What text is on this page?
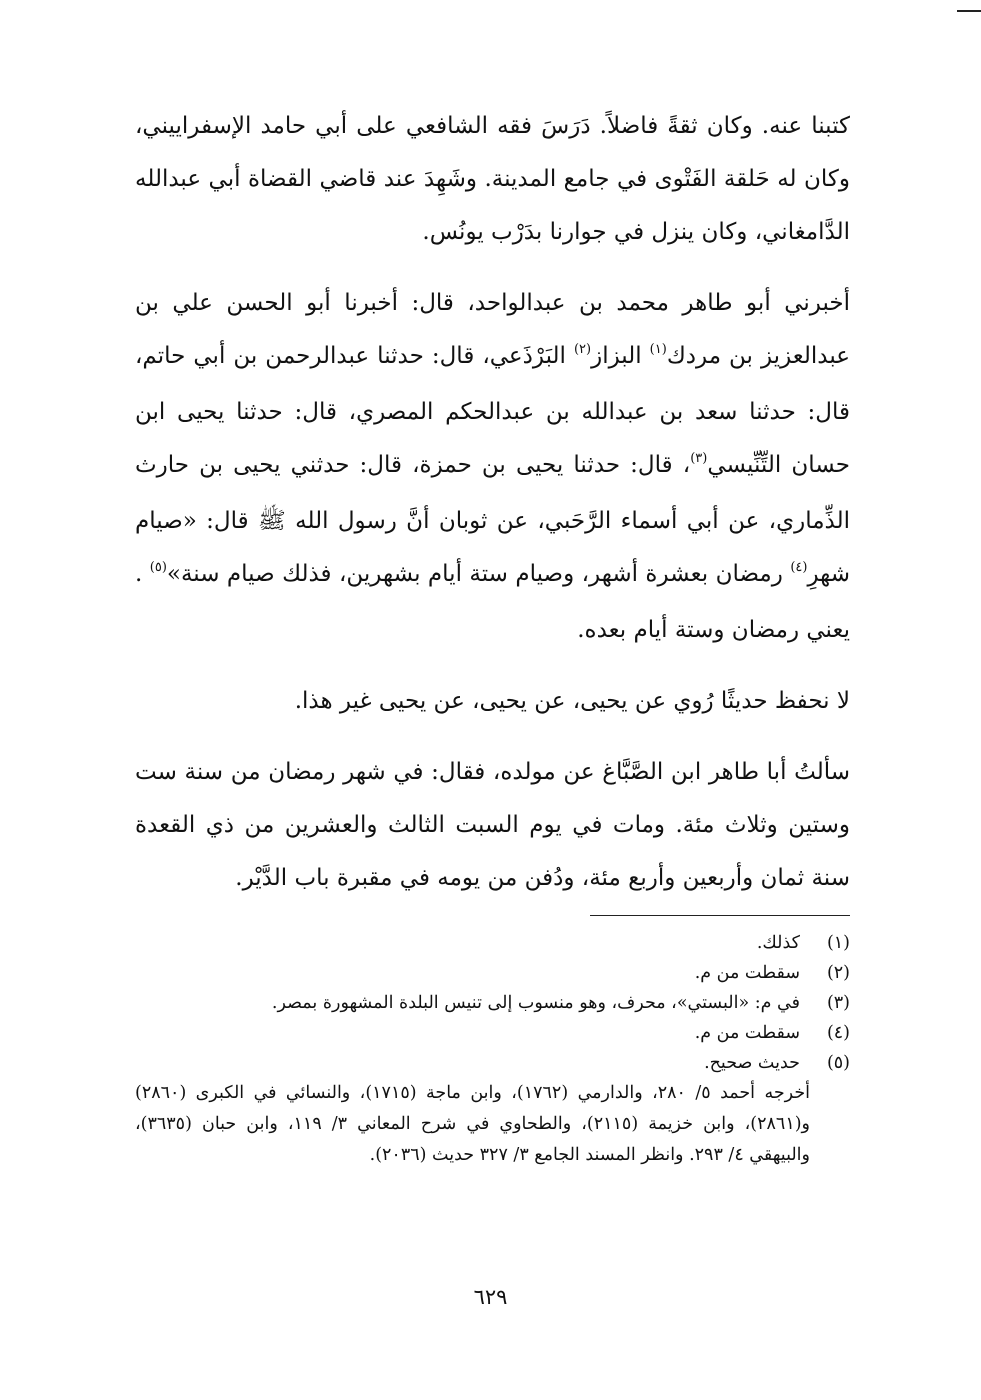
كتبنا عنه. وكان ثقةً فاضلاً. دَرَسَ فقه الشافعي على أبي حامد الإسفراييني، وكان له حَلقة الفَتْوى في جامع المدينة. وشَهِدَ عند قاضي القضاة أبي عبدالله الدَّامغاني، وكان ينزل في جوارنا بدَرْب يونُس.

أخبرني أبو طاهر محمد بن عبدالواحد، قال: أخبرنا أبو الحسن علي بن عبدالعزيز بن مردك$^{(١)}$ البزاز$^{(٢)}$ البَرْذَعي، قال: حدثنا عبدالرحمن بن أبي حاتم، قال: حدثنا سعد بن عبدالله بن عبدالحكم المصري، قال: حدثنا يحيى ابن حسان التِّنِّيسي$^{(٣)}$، قال: حدثنا يحيى بن حمزة، قال: حدثني يحيى بن حارث الذِّماري، عن أبي أسماء الرَّحَبي، عن ثوبان أنَّ رسول الله ﷺ قال: «صيام شهرِ$^{(٤)}$ رمضان بعشرة أشهر، وصيام ستة أيام بشهرين، فذلك صيام سنة»$^{(٥)}$ . يعني رمضان وستة أيام بعده.

لا نحفظ حديثًا رُوي عن يحيى، عن يحيى، عن يحيى غير هذا.

سألتُ أبا طاهر ابن الصَّبَّاغ عن مولده، فقال: في شهر رمضان من سنة ست وستين وثلاث مئة. ومات في يوم السبت الثالث والعشرين من ذي القعدة سنة ثمان وأربعين وأربع مئة، ودُفن من يومه في مقبرة باب الدَّيْر.

(١)
كذلك.
(٢)
سقطت من م.
(٣)
في م: «البستي»، محرف، وهو منسوب إلى تنيس البلدة المشهورة بمصر.
(٤)
سقطت من م.
(٥)
حديث صحيح.

أخرجه أحمد ٥/ ٢٨٠، والدارمي (١٧٦٢)، وابن ماجة (١٧١٥)، والنسائي في الكبرى (٢٨٦٠) و(٢٨٦١)، وابن خزيمة (٢١١٥)، والطحاوي في شرح المعاني ٣/ ١١٩، وابن حبان (٣٦٣٥)، والبيهقي ٤/ ٢٩٣. وانظر المسند الجامع ٣/ ٣٢٧ حديث (٢٠٣٦).

٦٢٩
